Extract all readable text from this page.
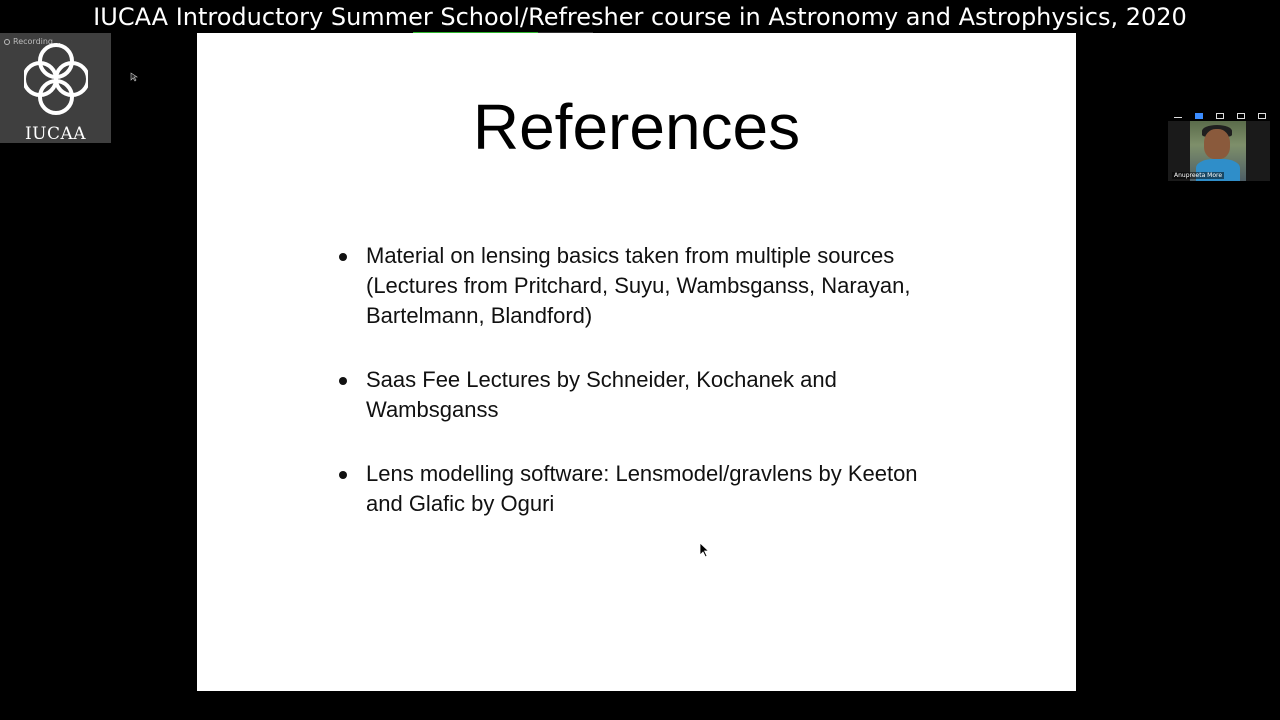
IUCAA Introductory Summer School/Refresher course in Astronomy and Astrophysics, 2020
Recording...
IUCAA	References
Material on lensing basics taken from multiple sources (Lectures from Pritchard, Suyu, Wambsganss, Narayan, Bartelmann, Blandford)
Saas Fee Lectures by Schneider, Kochanek and Wambsganss
Lens modelling software: Lensmodel/gravlens by Keeton and Glafic by Oguri
Anupreeta More
